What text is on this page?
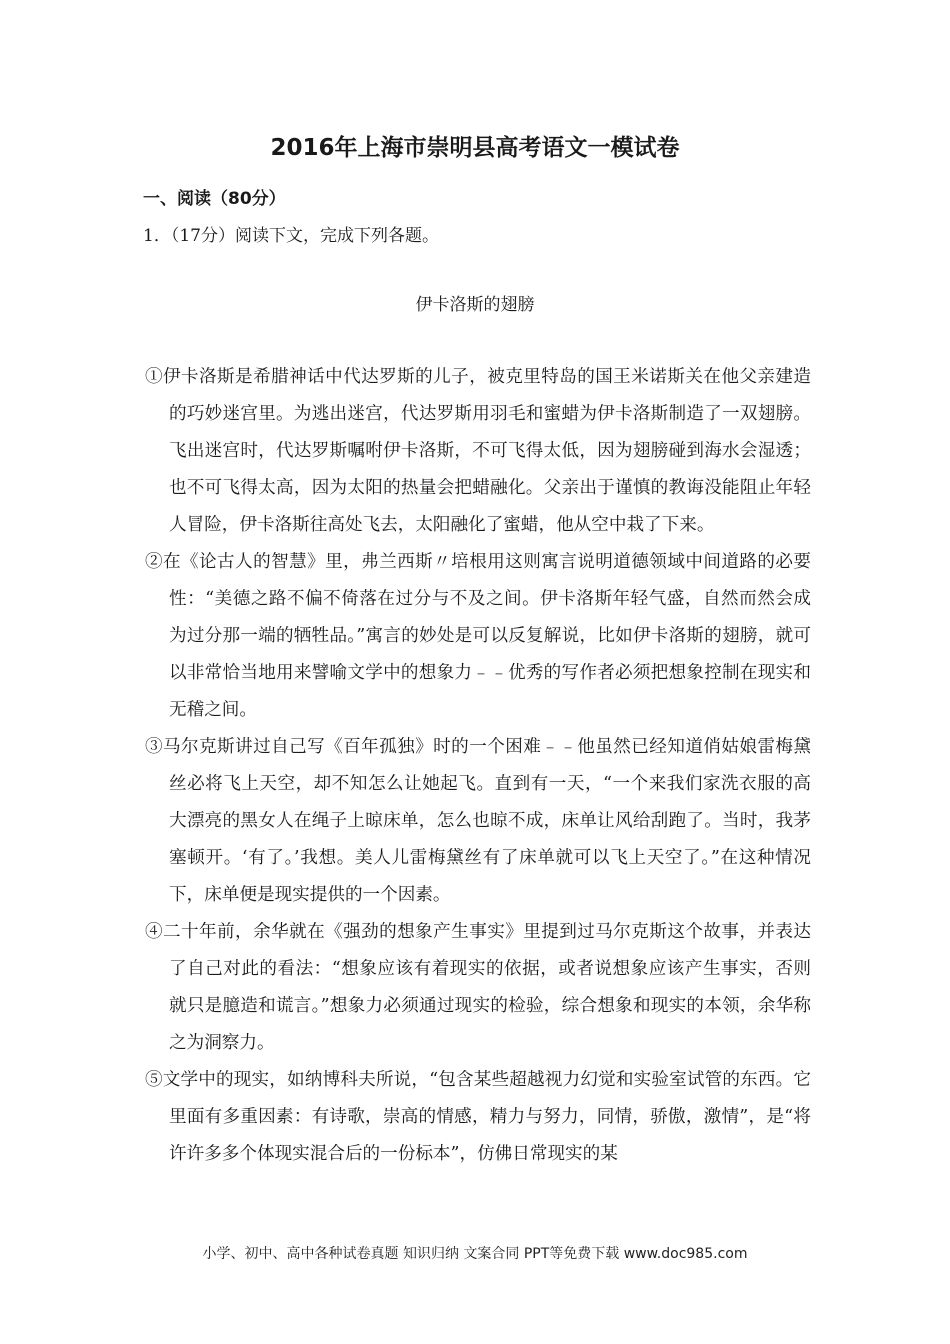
2016年上海市崇明县高考语文一模试卷
一、阅读（80分）

1．（17分）阅读下文，完成下列各题。

伊卡洛斯的翅膀

①伊卡洛斯是希腊神话中代达罗斯的儿子，被克里特岛的国王米诺斯关在他父亲建造的巧妙迷宫里。为逃出迷宫，代达罗斯用羽毛和蜜蜡为伊卡洛斯制造了一双翅膀。飞出迷宫时，代达罗斯嘱咐伊卡洛斯，不可飞得太低，因为翅膀碰到海水会湿透；也不可飞得太高，因为太阳的热量会把蜡融化。父亲出于谨慎的教诲没能阻止年轻人冒险，伊卡洛斯往高处飞去，太阳融化了蜜蜡，他从空中栽了下来。

②在《论古人的智慧》里，弗兰西斯〃培根用这则寓言说明道德领域中间道路的必要性：“美德之路不偏不倚落在过分与不及之间。伊卡洛斯年轻气盛，自然而然会成为过分那一端的牺牲品。”寓言的妙处是可以反复解说，比如伊卡洛斯的翅膀，就可以非常恰当地用来譬喻文学中的想象力﹣﹣优秀的写作者必须把想象控制在现实和无稽之间。

③马尔克斯讲过自己写《百年孤独》时的一个困难﹣﹣他虽然已经知道俏姑娘雷梅黛丝必将飞上天空，却不知怎么让她起飞。直到有一天，“一个来我们家洗衣服的高大漂亮的黑女人在绳子上晾床单，怎么也晾不成，床单让风给刮跑了。当时，我茅塞顿开。‘有了。’我想。美人儿雷梅黛丝有了床单就可以飞上天空了。”在这种情况下，床单便是现实提供的一个因素。

④二十年前，余华就在《强劲的想象产生事实》里提到过马尔克斯这个故事，并表达了自己对此的看法：“想象应该有着现实的依据，或者说想象应该产生事实，否则就只是臆造和谎言。”想象力必须通过现实的检验，综合想象和现实的本领，余华称之为洞察力。

⑤文学中的现实，如纳博科夫所说，“包含某些超越视力幻觉和实验室试管的东西。它里面有多重因素：有诗歌，崇高的情感，精力与努力，同情，骄傲，激情”，是“将许许多多个体现实混合后的一份标本”，仿佛日常现实的某

小学、初中、高中各种试卷真题 知识归纳 文案合同 PPT等免费下载 www.doc985.com
